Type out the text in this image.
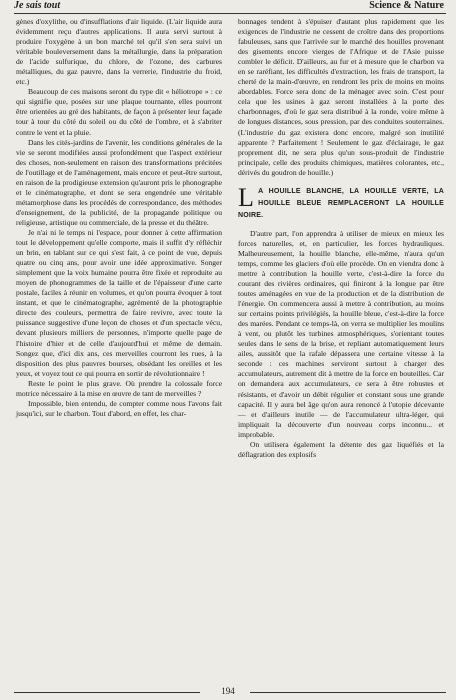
Je sais tout	Science & Nature

gènes d'oxylithe, ou d'insufflations d'air liquide. (L'air liquide aura évidemment reçu d'autres applications. Il aura servi surtout à produire l'oxygène à un bon marché tel qu'il s'en sera suivi un véritable bouleversement dans la métallurgie, dans la préparation de l'acide sulfurique, du chlore, de l'ozone, des carbures métalliques, du gaz pauvre, dans la verrerie, l'industrie du froid, etc.)

Beaucoup de ces maisons seront du type dit « héliotrope » : ce qui signifie que, posées sur une plaque tournante, elles pourront être orientées au gré des habitants, de façon à présenter leur façade tour à tour du côté du soleil ou du côté de l'ombre, et à s'abriter contre le vent et la pluie.

Dans les cités-jardins de l'avenir, les conditions générales de la vie se seront modifiées aussi profondément que l'aspect extérieur des choses, non-seulement en raison des transformations précitées de l'outillage et de l'aménagement, mais encore et peut-être surtout, en raison de la prodigieuse extension qu'auront pris le phonographe et le cinématographe, et dont se sera engendrée une véritable métamorphose dans les procédés de correspondance, des méthodes d'enseignement, de la publicité, de la propagande politique ou religieuse, artistique ou commerciale, de la presse et du théâtre.

Je n'ai ni le temps ni l'espace, pour donner à cette affirmation tout le développement qu'elle comporte, mais il suffit d'y réfléchir un brin, en tablant sur ce qui s'est fait, à ce point de vue, depuis quatre ou cinq ans, pour avoir une idée approximative. Songer simplement que la voix humaine pourra être fixée et reproduite au moyen de phonogrammes de la taille et de l'épaisseur d'une carte postale, faciles à réunir en volumes, et qu'on pourra évoquer à tout instant, et que le cinématographe, agrémenté de la photographie directe des couleurs, permettra de faire revivre, avec toute la puissance suggestive d'une leçon de choses et d'un spectacle vécu, devant plusieurs milliers de personnes, n'importe quelle page de l'histoire d'hier et de celle d'aujourd'hui et même de demain. Songez que, d'ici dix ans, ces merveilles courront les rues, à la disposition des plus pauvres bourses, obsédant les oreilles et les yeux, et voyez tout ce qui pourra en sortir de révolutionnaire !

Reste le point le plus grave. Où prendre la colossale force motrice nécessaire à la mise en œuvre de tant de merveilles ?

Impossible, bien entendu, de compter comme nous l'avons fait jusqu'ici, sur le charbon. Tout d'abord, en effet, les char-

bonnages tendent à s'épuiser d'autant plus rapidement que les exigences de l'industrie ne cessent de croître dans des proportions fabuleuses, sans que l'arrivée sur le marché des houilles provenant des gisements encore vierges de l'Afrique et de l'Asie puisse combler le déficit. D'ailleurs, au fur et à mesure que le charbon va en se raréfiant, les difficultés d'extraction, les frais de transport, la cherté de la main-d'œuvre, en rendront les prix de moins en moins abordables. Force sera donc de la ménager avec soin. C'est pour cela que les usines à gaz seront installées à la porte des charbonnages, d'où le gaz sera distribué à la ronde, voire même à de longues distances, sous pression, par des conduites souterraines. (L'industrie du gaz existera donc encore, malgré son inutilité apparente ? Parfaitement ! Seulement le gaz d'éclairage, le gaz proprement dit, ne sera plus qu'un sous-produit de l'industrie principale, celle des produits chimiques, matières colorantes, etc., dérivés du goudron de houille.)

LA HOUILLE BLANCHE, LA HOUILLE VERTE, LA HOUILLE BLEUE REMPLACERONT LA HOUILLE NOIRE.

D'autre part, l'on apprendra à utiliser de mieux en mieux les forces naturelles, et, en particulier, les forces hydrauliques. Malheureusement, la houille blanche, elle-même, n'aura qu'un temps, comme les glaciers d'où elle procède. On en viendra donc à mettre à contribution la houille verte, c'est-à-dire la force du courant des rivières ordinaires, qui finiront à la longue par être toutes aménagées en vue de la production et de la distribution de l'énergie. On commencera aussi à mettre à contribution, au moins sur certains points privilégiés, la houille bleue, c'est-à-dire la force des marées. Pendant ce temps-là, on verra se multiplier les moulins à vent, ou plutôt les turbines atmosphériques, s'orientant toutes seules dans le sens de la brise, et repliant automatiquement leurs ailes, aussitôt que la rafale dépassera une certaine vitesse à la seconde : ces machines serviront surtout à charger des accumulateurs, autrement dit à mettre de la force en bouteilles. Car on demandera aux accumulateurs, ce sera à être robustes et résistants, et d'avoir un débit régulier et constant sous une grande capacité. Il y aura bel âge qu'on aura renoncé à l'utopie décevante — et d'ailleurs inutile — de l'accumulateur ultra-léger, qui impliquait la découverte d'un nouveau corps inconnu... et improbable.

On utilisera également la détente des gaz liquéfiés et la déflagration des explosifs

194
